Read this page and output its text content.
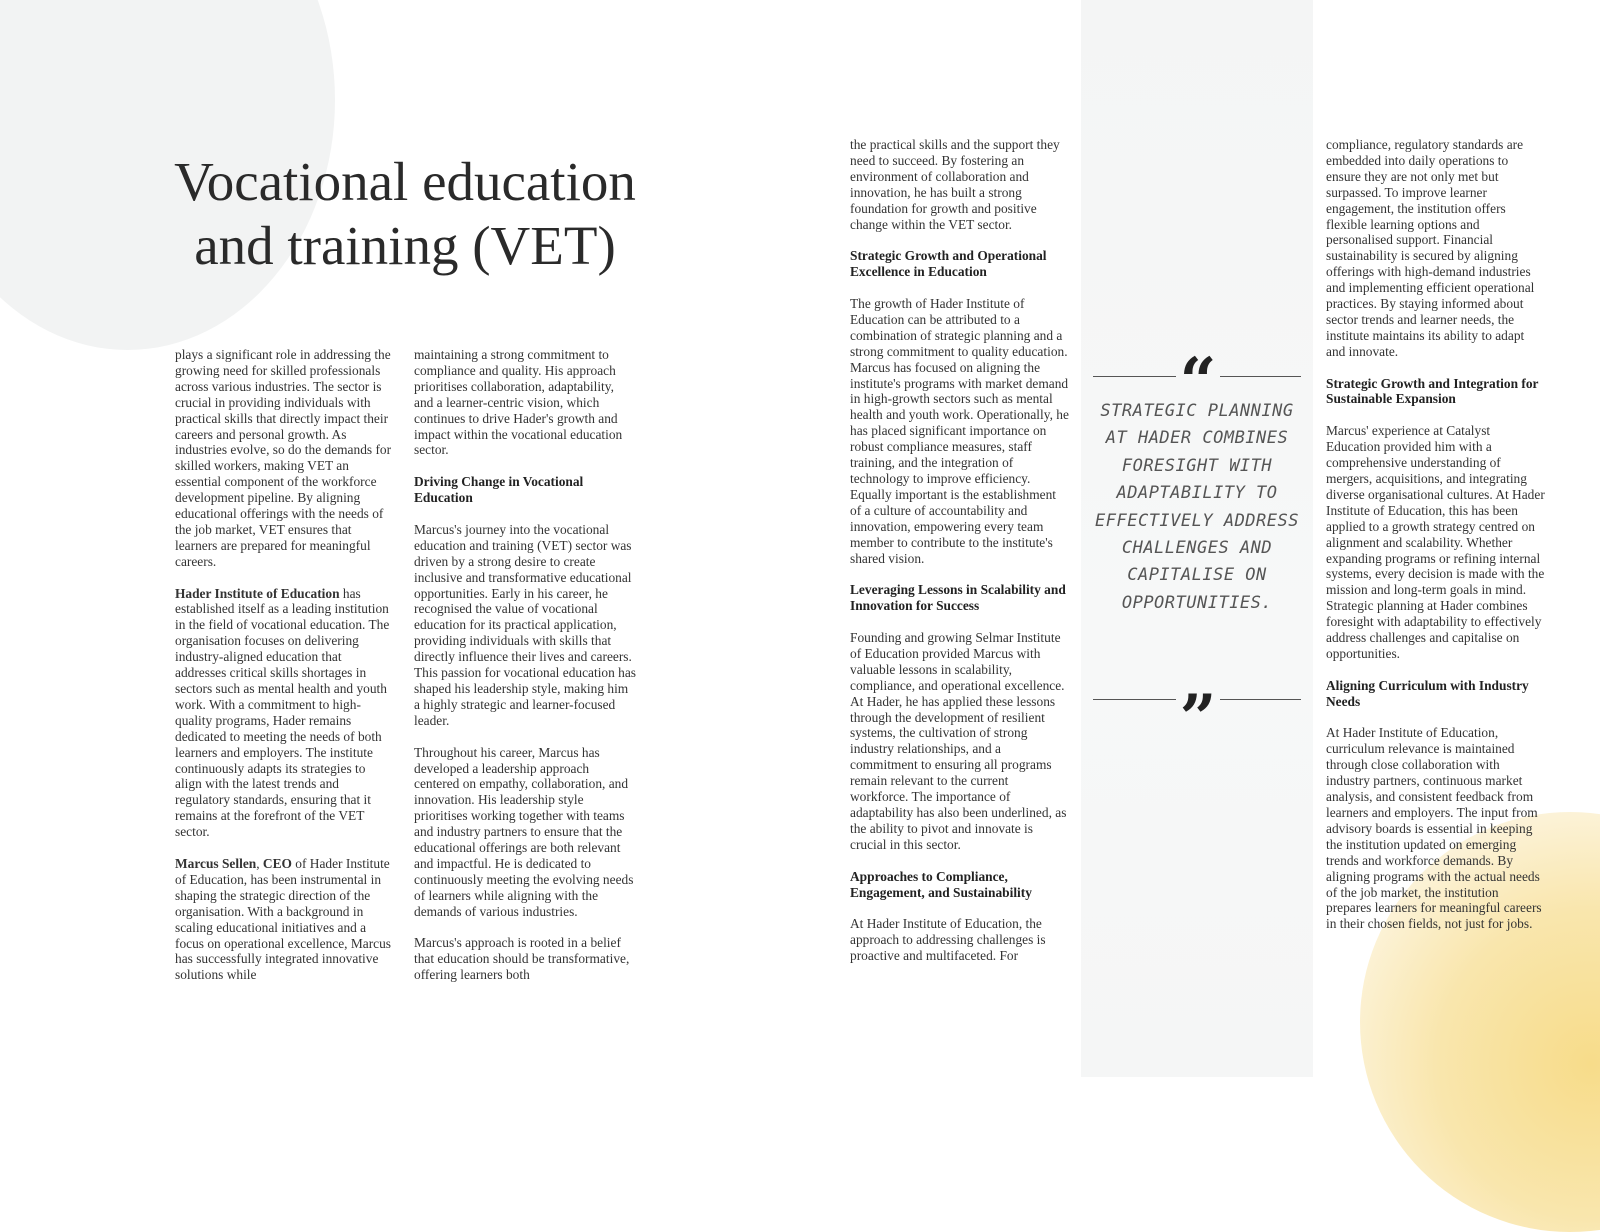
Vocational education and training (VET)

plays a significant role in addressing the growing need for skilled professionals across various industries. The sector is crucial in providing individuals with practical skills that directly impact their careers and personal growth. As industries evolve, so do the demands for skilled workers, making VET an essential component of the workforce development pipeline. By aligning educational offerings with the needs of the job market, VET ensures that learners are prepared for meaningful careers.

Hader Institute of Education has established itself as a leading institution in the field of vocational education. The organisation focuses on delivering industry-aligned education that addresses critical skills shortages in sectors such as mental health and youth work. With a commitment to high-quality programs, Hader remains dedicated to meeting the needs of both learners and employers. The institute continuously adapts its strategies to align with the latest trends and regulatory standards, ensuring that it remains at the forefront of the VET sector.

Marcus Sellen, CEO of Hader Institute of Education, has been instrumental in shaping the strategic direction of the organisation. With a background in scaling educational initiatives and a focus on operational excellence, Marcus has successfully integrated innovative solutions while

maintaining a strong commitment to compliance and quality. His approach prioritises collaboration, adaptability, and a learner-centric vision, which continues to drive Hader's growth and impact within the vocational education sector.

Driving Change in Vocational Education

Marcus's journey into the vocational education and training (VET) sector was driven by a strong desire to create inclusive and transformative educational opportunities. Early in his career, he recognised the value of vocational education for its practical application, providing individuals with skills that directly influence their lives and careers. This passion for vocational education has shaped his leadership style, making him a highly strategic and learner-focused leader.

Throughout his career, Marcus has developed a leadership approach centered on empathy, collaboration, and innovation. His leadership style prioritises working together with teams and industry partners to ensure that the educational offerings are both relevant and impactful. He is dedicated to continuously meeting the evolving needs of learners while aligning with the demands of various industries.

Marcus's approach is rooted in a belief that education should be transformative, offering learners both

the practical skills and the support they need to succeed. By fostering an environment of collaboration and innovation, he has built a strong foundation for growth and positive change within the VET sector.

Strategic Growth and Operational Excellence in Education

The growth of Hader Institute of Education can be attributed to a combination of strategic planning and a strong commitment to quality education. Marcus has focused on aligning the institute's programs with market demand in high-growth sectors such as mental health and youth work. Operationally, he has placed significant importance on robust compliance measures, staff training, and the integration of technology to improve efficiency. Equally important is the establishment of a culture of accountability and innovation, empowering every team member to contribute to the institute's shared vision.

Leveraging Lessons in Scalability and Innovation for Success

Founding and growing Selmar Institute of Education provided Marcus with valuable lessons in scalability, compliance, and operational excellence. At Hader, he has applied these lessons through the development of resilient systems, the cultivation of strong industry relationships, and a commitment to ensuring all programs remain relevant to the current workforce. The importance of adaptability has also been underlined, as the ability to pivot and innovate is crucial in this sector.

Approaches to Compliance, Engagement, and Sustainability

At Hader Institute of Education, the approach to addressing challenges is proactive and multifaceted. For

“
STRATEGIC PLANNING AT HADER COMBINES FORESIGHT WITH ADAPTABILITY TO EFFECTIVELY ADDRESS CHALLENGES AND CAPITALISE ON OPPORTUNITIES.
”

compliance, regulatory standards are embedded into daily operations to ensure they are not only met but surpassed. To improve learner engagement, the institution offers flexible learning options and personalised support. Financial sustainability is secured by aligning offerings with high-demand industries and implementing efficient operational practices. By staying informed about sector trends and learner needs, the institute maintains its ability to adapt and innovate.

Strategic Growth and Integration for Sustainable Expansion

Marcus' experience at Catalyst Education provided him with a comprehensive understanding of mergers, acquisitions, and integrating diverse organisational cultures. At Hader Institute of Education, this has been applied to a growth strategy centred on alignment and scalability. Whether expanding programs or refining internal systems, every decision is made with the mission and long-term goals in mind. Strategic planning at Hader combines foresight with adaptability to effectively address challenges and capitalise on opportunities.

Aligning Curriculum with Industry Needs

At Hader Institute of Education, curriculum relevance is maintained through close collaboration with industry partners, continuous market analysis, and consistent feedback from learners and employers. The input from advisory boards is essential in keeping the institution updated on emerging trends and workforce demands. By aligning programs with the actual needs of the job market, the institution prepares learners for meaningful careers in their chosen fields, not just for jobs.
